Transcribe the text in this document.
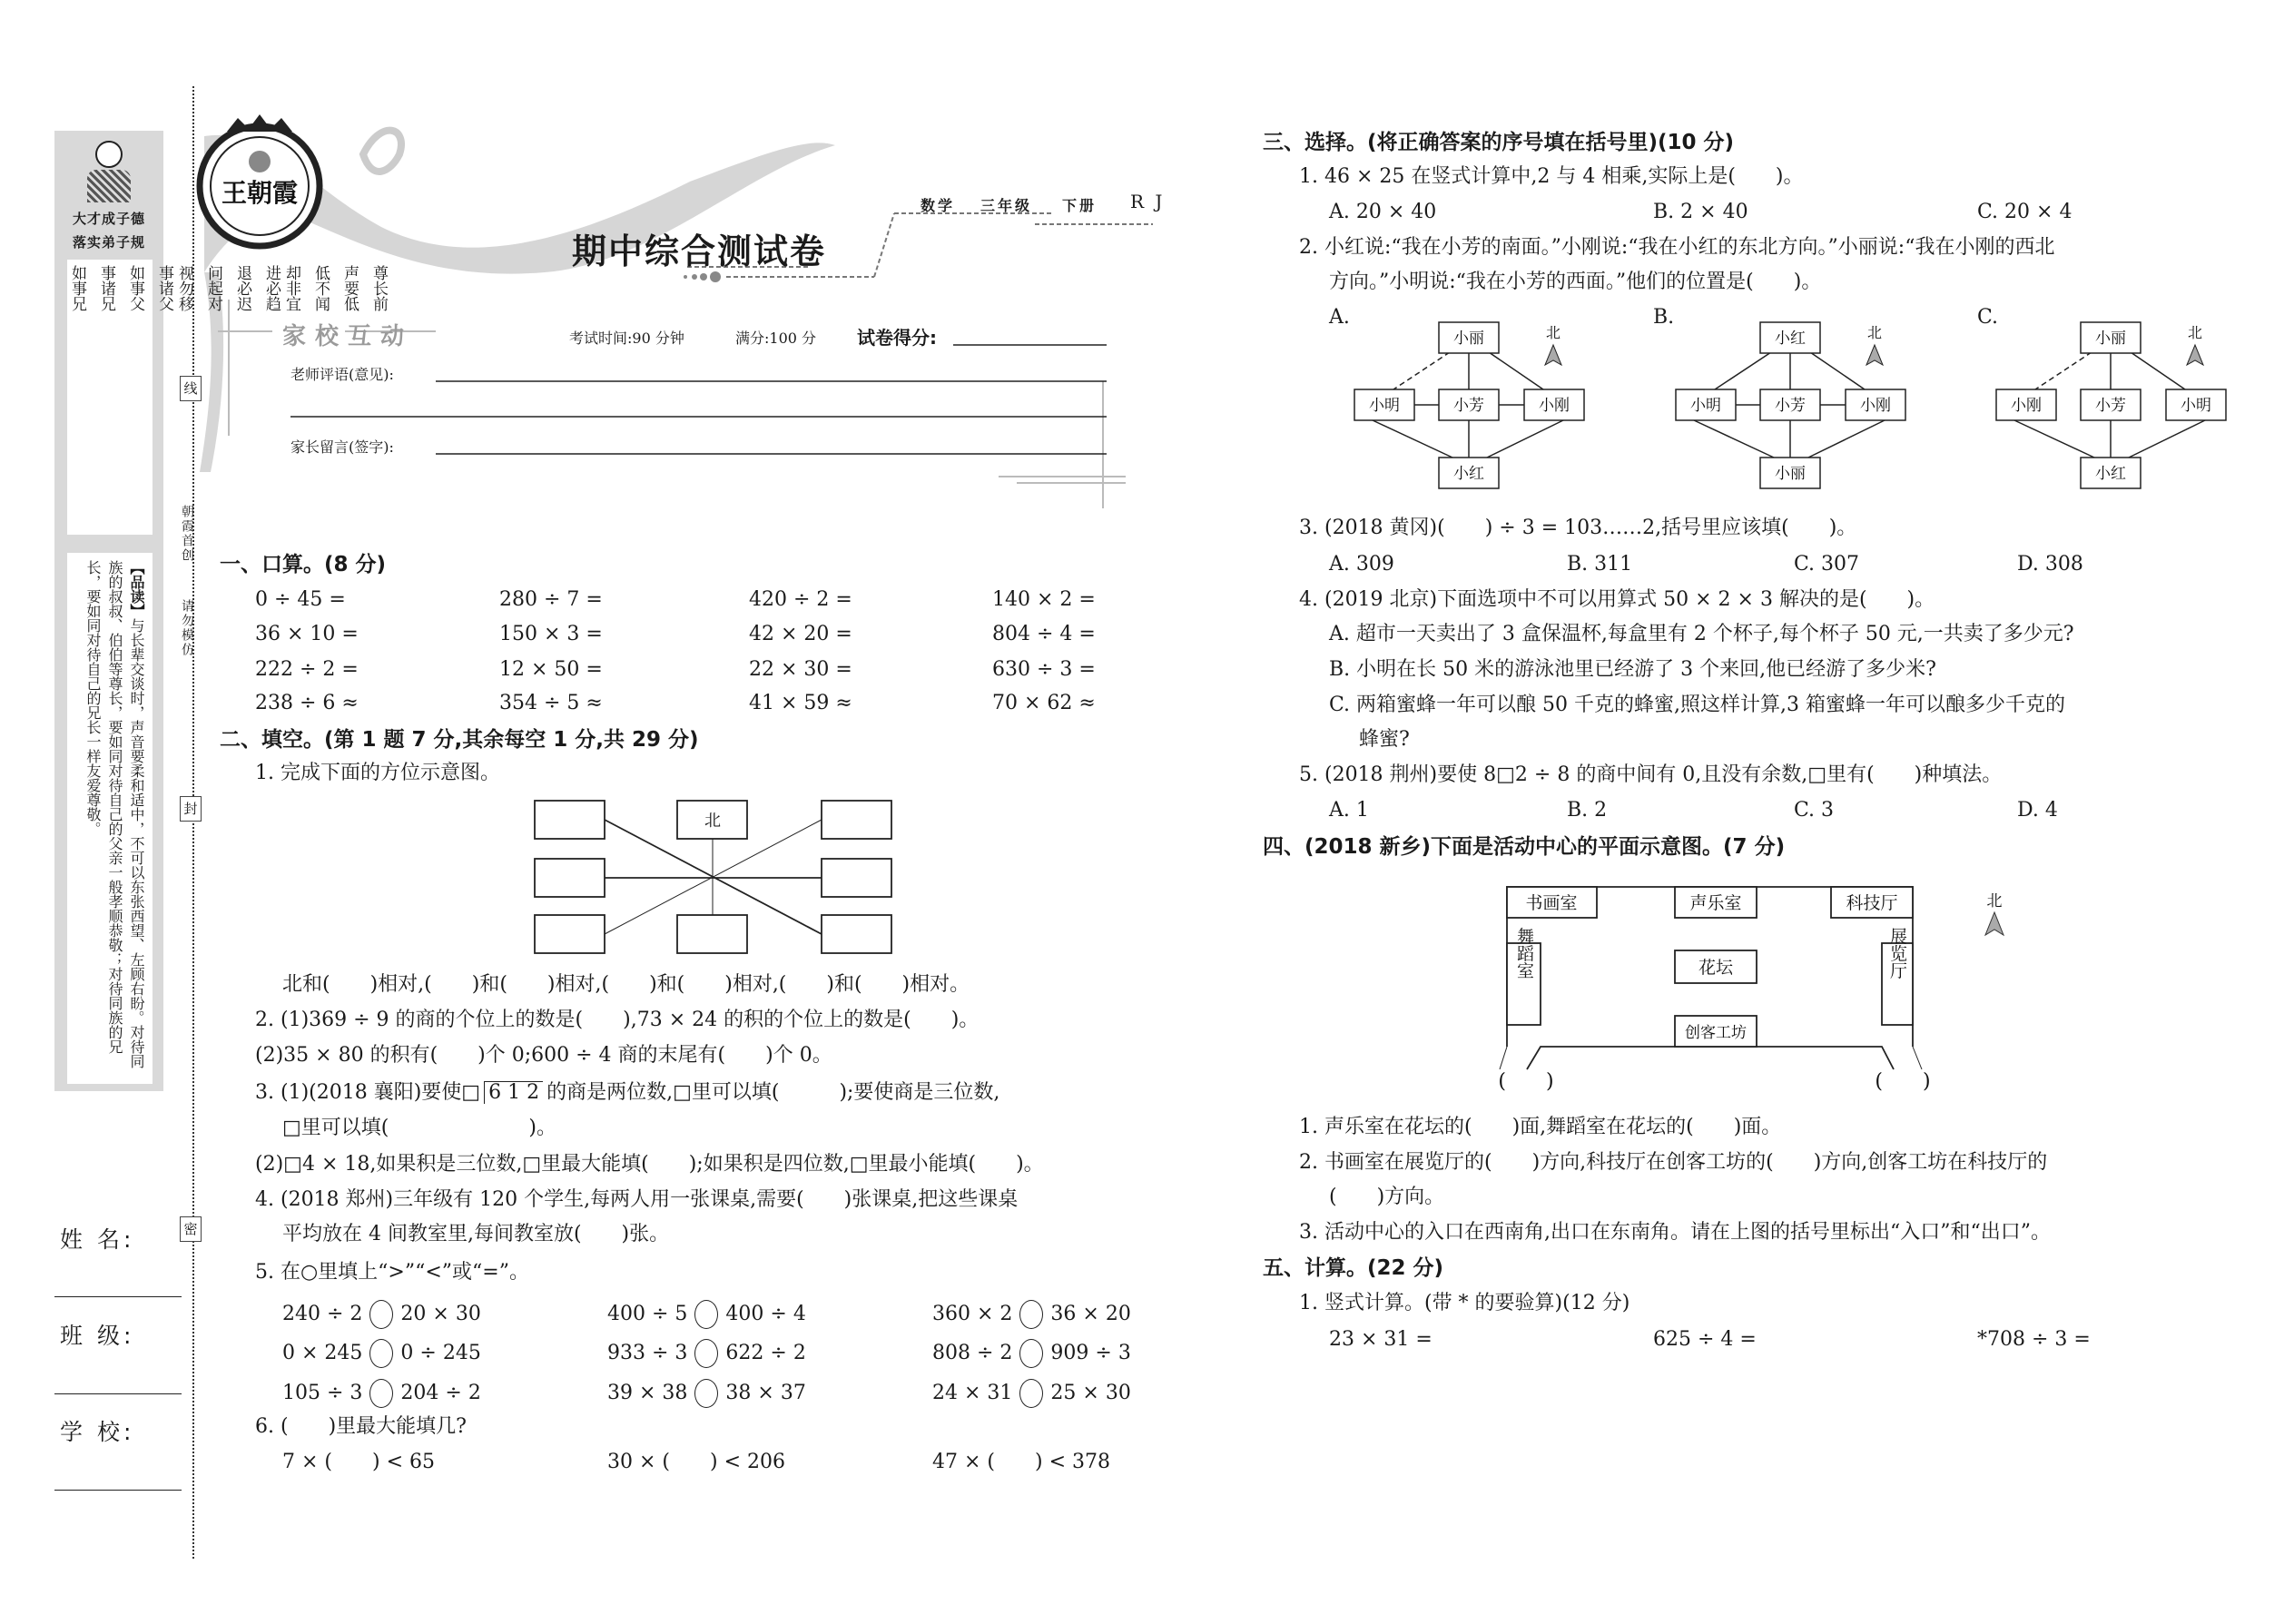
王朝霞
北
小丽
小明	小芳	小刚
小红
北	小红
小明	小芳	小刚
小丽
北	小丽
小刚	小芳	小明
小红
北
书画室	声乐室	科技厅
花坛
创客工坊
舞蹈室	展览厅
北
(　　)	(　　)
大才成子德
落实弟子规
尊长前
声要低
低不闻
却非宜
进必趋
退必迟
问起对
视勿移
事诸父
如事父
事诸兄
如事兄
【品读】与长辈交谈时，声音要柔和适中，不可以东张西望、左顾右盼。对待同族的叔叔、伯伯等尊长，要如同对待自己的父亲一般孝顺恭敬；对待同族的兄长，要如同对待自己的兄长一样友爱尊敬。
线
封
密
朝霞首创
请勿模仿
姓 名:
班 级:
学 校:
期中综合测试卷
数学 三年级 下册 R J
家校互动	考试时间:90 分钟	满分:100 分 试卷得分:
老师评语(意见):
家长留言(签字):
一、口算。(8 分)
0 ÷ 45 =	280 ÷ 7 =	420 ÷ 2 =	140 × 2 =
36 × 10 =	150 × 3 =	42 × 20 =	804 ÷ 4 =
222 ÷ 2 =	12 × 50 =	22 × 30 =	630 ÷ 3 =
238 ÷ 6 ≈	354 ÷ 5 ≈	41 × 59 ≈	70 × 62 ≈
二、填空。(第 1 题 7 分,其余每空 1 分,共 29 分)
1. 完成下面的方位示意图。
北和(　　)相对,(　　)和(　　)相对,(　　)和(　　)相对,(　　)和(　　)相对。
2. (1)369 ÷ 9 的商的个位上的数是(　　),73 × 24 的积的个位上的数是(　　)。
(2)35 × 80 的积有(　　)个 0;600 ÷ 4 商的末尾有(　　)个 0。
3. (1)(2018 襄阳)要使□ 6 1 2 的商是两位数,□里可以填(　　　);要使商是三位数,
□里可以填(　　　　　　　)。
(2)□4 × 18,如果积是三位数,□里最大能填(　　);如果积是四位数,□里最小能填(　　)。
4. (2018 郑州)三年级有 120 个学生,每两人用一张课桌,需要(　　)张课桌,把这些课桌
平均放在 4 间教室里,每间教室放(　　)张。
5. 在○里填上“>”“<”或“=”。
240 ÷ 2 20 × 30	400 ÷ 5 400 ÷ 4	360 × 2 36 × 20
0 × 245 0 ÷ 245	933 ÷ 3 622 ÷ 2	808 ÷ 2 909 ÷ 3
105 ÷ 3 204 ÷ 2	39 × 38 38 × 37	24 × 31 25 × 30
6. (　　)里最大能填几?
7 × (　　) < 65	30 × (　　) < 206	47 × (　　) < 378
三、选择。(将正确答案的序号填在括号里)(10 分)
1. 46 × 25 在竖式计算中,2 与 4 相乘,实际上是(　　)。
A. 20 × 40	B. 2 × 40	C. 20 × 4
2. 小红说:“我在小芳的南面。”小刚说:“我在小红的东北方向。”小丽说:“我在小刚的西北
方向。”小明说:“我在小芳的西面。”他们的位置是(　　)。
A.	B.	C.
3. (2018 黄冈)(　　) ÷ 3 = 103……2,括号里应该填(　　)。
A. 309	B. 311	C. 307	D. 308
4. (2019 北京)下面选项中不可以用算式 50 × 2 × 3 解决的是(　　)。
A. 超市一天卖出了 3 盒保温杯,每盒里有 2 个杯子,每个杯子 50 元,一共卖了多少元?
B. 小明在长 50 米的游泳池里已经游了 3 个来回,他已经游了多少米?
C. 两箱蜜蜂一年可以酿 50 千克的蜂蜜,照这样计算,3 箱蜜蜂一年可以酿多少千克的
蜂蜜?
5. (2018 荆州)要使 8□2 ÷ 8 的商中间有 0,且没有余数,□里有(　　)种填法。
A. 1	B. 2	C. 3	D. 4
四、(2018 新乡)下面是活动中心的平面示意图。(7 分)
1. 声乐室在花坛的(　　)面,舞蹈室在花坛的(　　)面。
2. 书画室在展览厅的(　　)方向,科技厅在创客工坊的(　　)方向,创客工坊在科技厅的
(　　)方向。
3. 活动中心的入口在西南角,出口在东南角。请在上图的括号里标出“入口”和“出口”。
五、计算。(22 分)
1. 竖式计算。(带 * 的要验算)(12 分)
23 × 31 =	625 ÷ 4 =	*708 ÷ 3 =
